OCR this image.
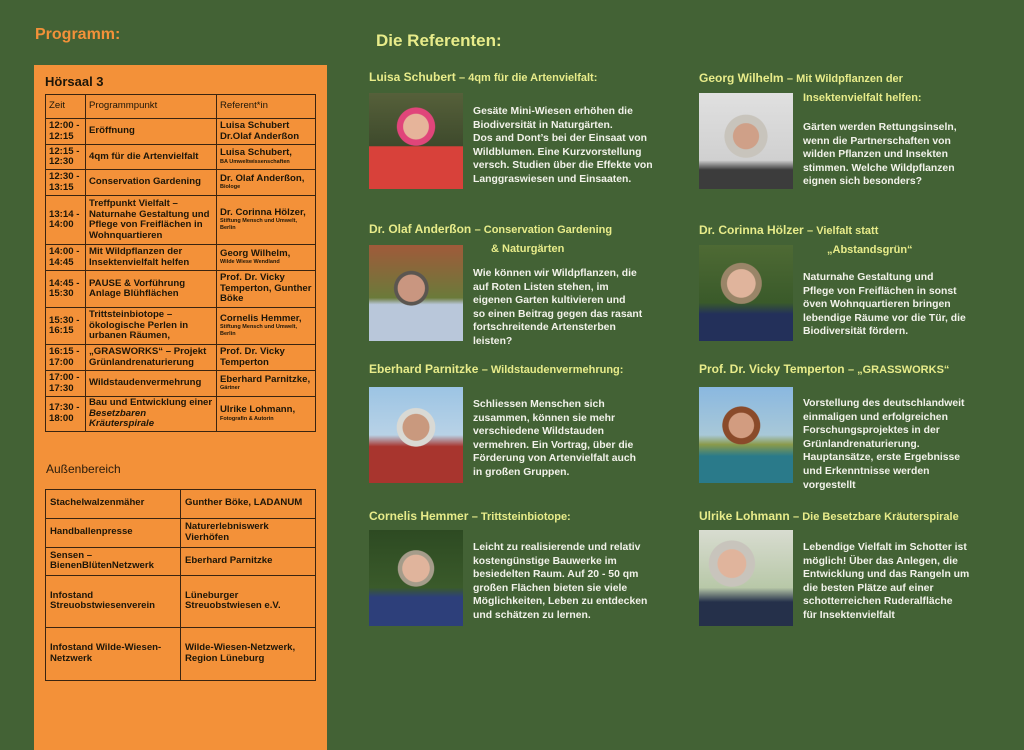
Programm:	Die Referenten:
Hörsaal 3
Zeit	Programmpunkt	Referent*in
12:00 - 12:15	Eröffnung	Luisa Schubert Dr.Olaf Anderßon
12:15 - 12:30	4qm für die Artenvielfalt	Luisa Schubert,
BA Umweltwissenschaften

12:30 - 13:15	Conservation Gardening	Dr. Olaf Anderßon,
Biologe

13:14 - 14:00	Treffpunkt Vielfalt – Naturnahe Gestaltung und Pflege von Freiflächen in Wohnquartieren	Dr. Corinna Hölzer,
Stiftung Mensch und Umwelt, Berlin

14:00 - 14:45	Mit Wildpflanzen der Insektenvielfalt helfen	Georg Wilhelm,
Wilde Wiese Wendland

14:45 - 15:30	PAUSE & Vorführung Anlage Blühflächen	Prof. Dr. Vicky Temperton, Gunther Böke
15:30 - 16:15	Trittsteinbiotope – ökologische Perlen in urbanen Räumen,	Cornelis Hemmer,
Stiftung Mensch und Umwelt, Berlin

16:15 - 17:00	„GRASWORKS“ – Projekt Grünlandrenaturierung	Prof. Dr. Vicky Temperton
17:00 - 17:30	Wildstaudenvermehrung	Eberhard Parnitzke,
Gärtner

17:30 - 18:00	Bau und Entwicklung einer
Besetzbaren Kräuterspirale	Ulrike Lohmann,
Fotografin & Autorin
Außenbereich
Stachelwalzenmäher	Gunther Böke, LADANUM
Handballenpresse	Naturerlebniswerk Vierhöfen
Sensen – BienenBlütenNetzwerk	Eberhard Parnitzke
Infostand Streuobstwiesenverein	Lüneburger Streuobstwiesen e.V.
Infostand Wilde-Wiesen-Netzwerk	Wilde-Wiesen-Netzwerk, Region Lüneburg
Luisa Schubert – 4qm für die Artenvielfalt:
Gesäte Mini-Wiesen erhöhen die
Biodiversität in Naturgärten.
Dos and Dont’s bei der Einsaat von
Wildblumen. Eine Kurzvorstellung
versch. Studien über die Effekte von
Langgraswiesen und Einsaaten.
Dr. Olaf Anderßon – Conservation Gardening
& Naturgärten
Wie können wir Wildpflanzen, die
auf Roten Listen stehen, im
eigenen Garten kultivieren und
so einen Beitrag gegen das rasant
fortschreitende Artensterben
leisten?
Eberhard Parnitzke – Wildstaudenvermehrung:
Schliessen Menschen sich
zusammen, können sie mehr
verschiedene Wildstauden
vermehren. Ein Vortrag, über die
Förderung von Artenvielfalt auch
in großen Gruppen.
Cornelis Hemmer – Trittsteinbiotope:
Leicht zu realisierende und relativ
kostengünstige Bauwerke im
besiedelten Raum. Auf 20 - 50 qm
großen Flächen bieten sie viele
Möglichkeiten, Leben zu entdecken
und schätzen zu lernen.
Georg Wilhelm – Mit Wildpflanzen der
Insektenvielfalt helfen:
Gärten werden Rettungsinseln,
wenn die Partnerschaften von
wilden Pflanzen und Insekten
stimmen. Welche Wildpflanzen
eignen sich besonders?
Dr. Corinna Hölzer – Vielfalt statt
„Abstandsgrün“
Naturnahe Gestaltung und
Pflege von Freiflächen in sonst
öven Wohnquartieren bringen
lebendige Räume vor die Tür, die
Biodiversität fördern.
Prof. Dr. Vicky Temperton – „GRASSWORKS“
Vorstellung des deutschlandweit
einmaligen und erfolgreichen
Forschungsprojektes in der
Grünlandrenaturierung.
Hauptansätze, erste Ergebnisse
und Erkenntnisse werden
vorgestellt
Ulrike Lohmann – Die Besetzbare Kräuterspirale
Lebendige Vielfalt im Schotter ist
möglich! Über das Anlegen, die
Entwicklung und das Rangeln um
die besten Plätze auf einer
schotterreichen Ruderalfläche
für Insektenvielfalt
